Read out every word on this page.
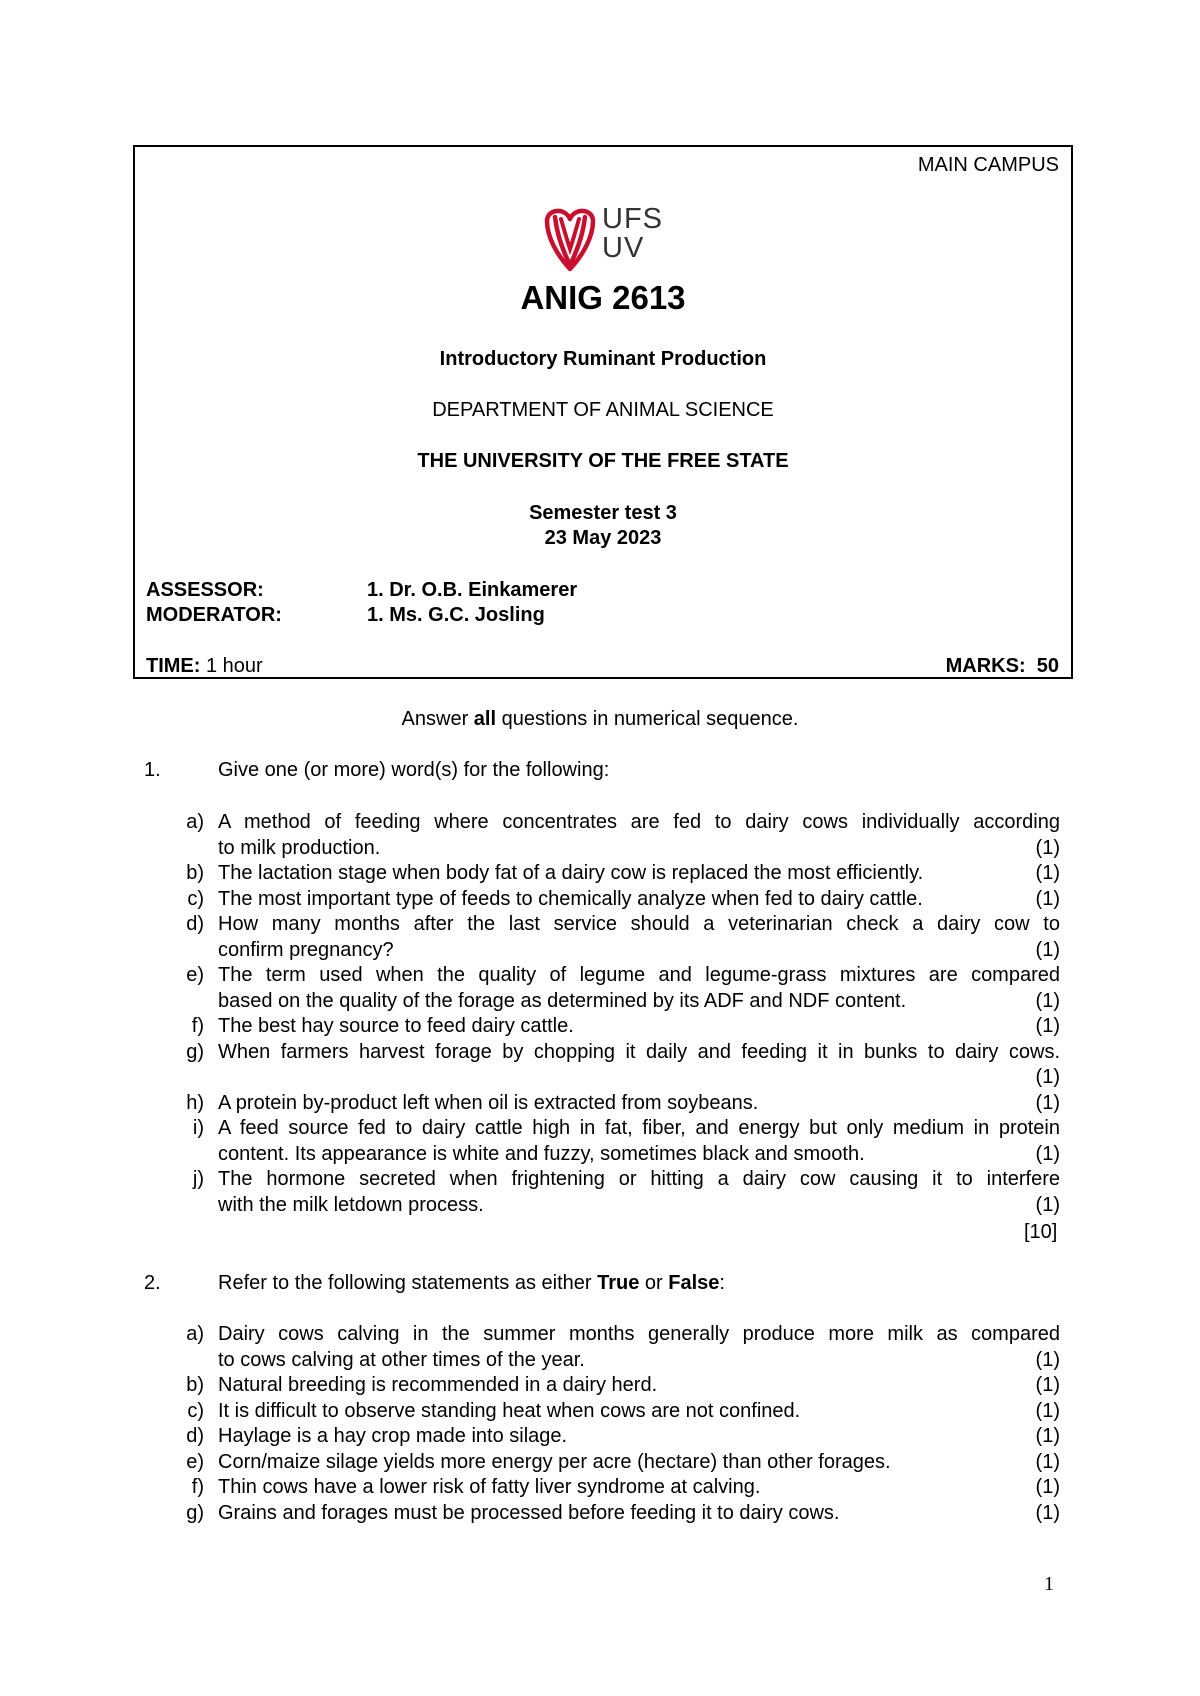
MAIN CAMPUS
UFS
UV
ANIG 2613
Introductory Ruminant Production
DEPARTMENT OF ANIMAL SCIENCE
THE UNIVERSITY OF THE FREE STATE
Semester test 3
23 May 2023
ASSESSOR:	1. Dr. O.B. Einkamerer
MODERATOR:	1. Ms. G.C. Josling
TIME: 1 hour	MARKS: 50
Answer all questions in numerical sequence.
1.	Give one (or more) word(s) for the following:
a) A method of feeding where concentrates are fed to dairy cows individually according
to milk production.	(1)
b) The lactation stage when body fat of a dairy cow is replaced the most efficiently.	(1)
c) The most important type of feeds to chemically analyze when fed to dairy cattle.	(1)
d) How many months after the last service should a veterinarian check a dairy cow to
confirm pregnancy?	(1)
e) The term used when the quality of legume and legume-grass mixtures are compared
based on the quality of the forage as determined by its ADF and NDF content.	(1)
f) The best hay source to feed dairy cattle.	(1)
g) When farmers harvest forage by chopping it daily and feeding it in bunks to dairy cows.
(1)
h) A protein by-product left when oil is extracted from soybeans.	(1)
i) A feed source fed to dairy cattle high in fat, fiber, and energy but only medium in protein
content. Its appearance is white and fuzzy, sometimes black and smooth.	(1)
j) The hormone secreted when frightening or hitting a dairy cow causing it to interfere
with the milk letdown process.	(1)
[10]
2.	Refer to the following statements as either True or False:
a) Dairy cows calving in the summer months generally produce more milk as compared
to cows calving at other times of the year.	(1)
b) Natural breeding is recommended in a dairy herd.	(1)
c) It is difficult to observe standing heat when cows are not confined.	(1)
d) Haylage is a hay crop made into silage.	(1)
e) Corn/maize silage yields more energy per acre (hectare) than other forages.	(1)
f) Thin cows have a lower risk of fatty liver syndrome at calving.	(1)
g) Grains and forages must be processed before feeding it to dairy cows.	(1)
1
